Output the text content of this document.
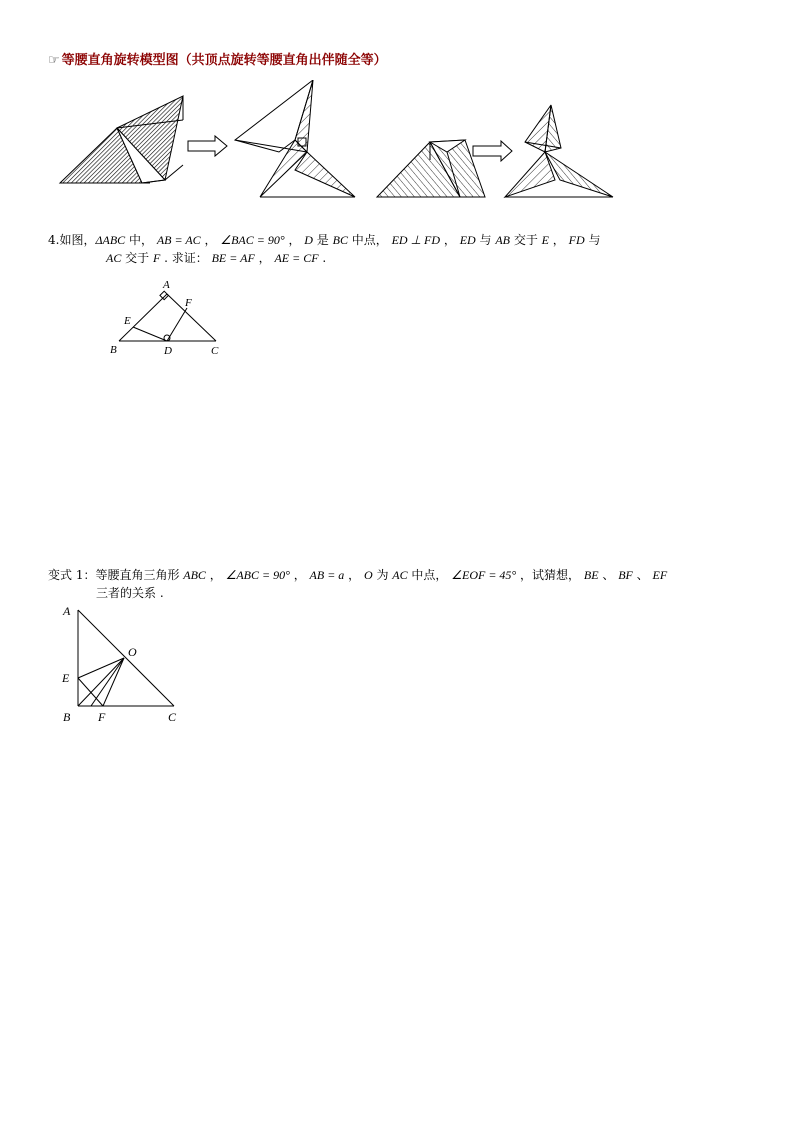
☞ 等腰直角旋转模型图（共顶点旋转等腰直角出伴随全等）
4.如图，ΔABC 中， AB = AC ， ∠BAC = 90° ， D 是 BC 中点， ED ⊥ FD ， ED 与 AB 交于 E ， FD 与
AC 交于 F . 求证： BE = AF ， AE = CF .
A
B	C
D
E
F
变式 1：等腰直角三角形 ABC ， ∠ABC = 90° ， AB = a ， O 为 AC 中点， ∠EOF = 45° ，试猜想， BE 、 BF 、 EF
三者的关系 .
A
B	C
E
F
O
